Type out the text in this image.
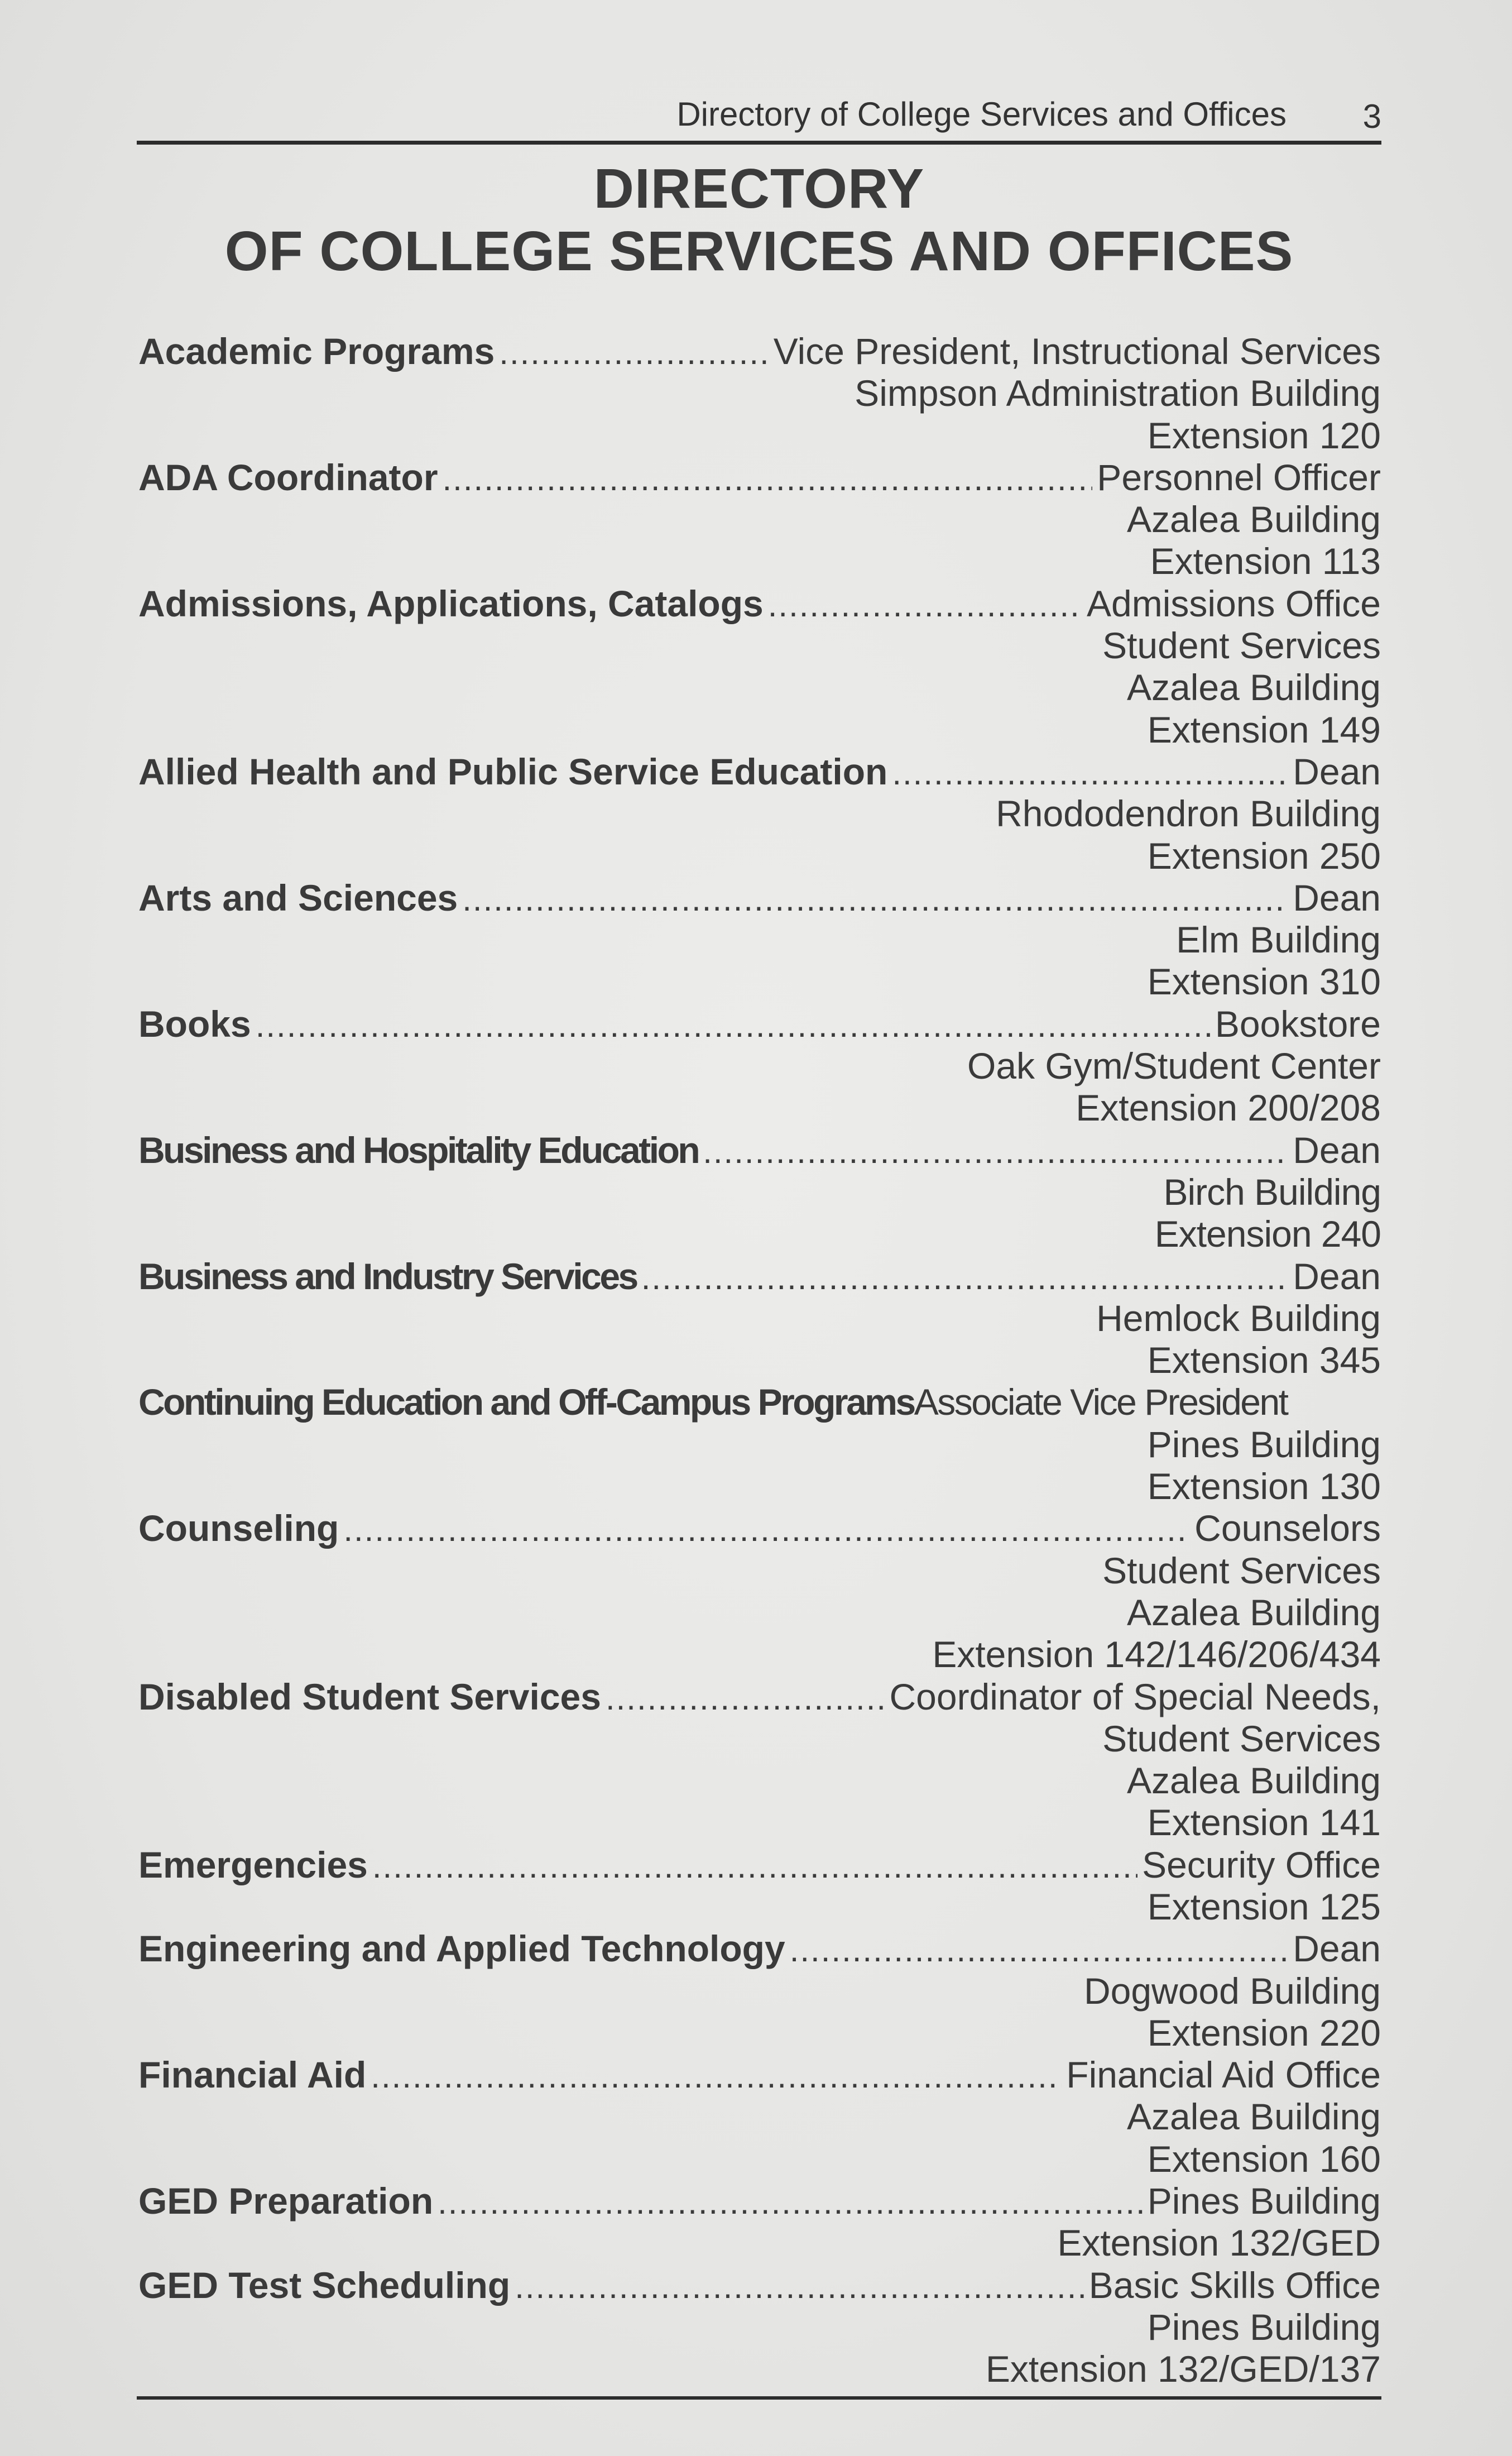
Directory of College Services and Offices 3
DIRECTORY
OF COLLEGE SERVICES AND OFFICES
Academic Programs .....	Vice President, Instructional Services
Simpson Administration Building
Extension 120
ADA Coordinator .....	Personnel Officer
Azalea Building
Extension 113
Admissions, Applications, Catalogs .....	Admissions Office
Student Services
Azalea Building
Extension 149
Allied Health and Public Service Education .....	Dean
Rhododendron Building
Extension 250
Arts and Sciences .....	Dean
Elm Building
Extension 310
Books .....	Bookstore
Oak Gym/Student Center
Extension 200/208
Business and Hospitality Education .....	Dean
Birch Building
Extension 240
Business and Industry Services .....	Dean
Hemlock Building
Extension 345
Continuing Education and Off-Campus Programs Associate Vice President
Pines Building
Extension 130
Counseling .....	Counselors
Student Services
Azalea Building
Extension 142/146/206/434
Disabled Student Services .....	Coordinator of Special Needs,
Student Services
Azalea Building
Extension 141
Emergencies .....	Security Office
Extension 125
Engineering and Applied Technology .....	Dean
Dogwood Building
Extension 220
Financial Aid .....	Financial Aid Office
Azalea Building
Extension 160
GED Preparation .....	Pines Building
Extension 132/GED
GED Test Scheduling .....	Basic Skills Office
Pines Building
Extension 132/GED/137
